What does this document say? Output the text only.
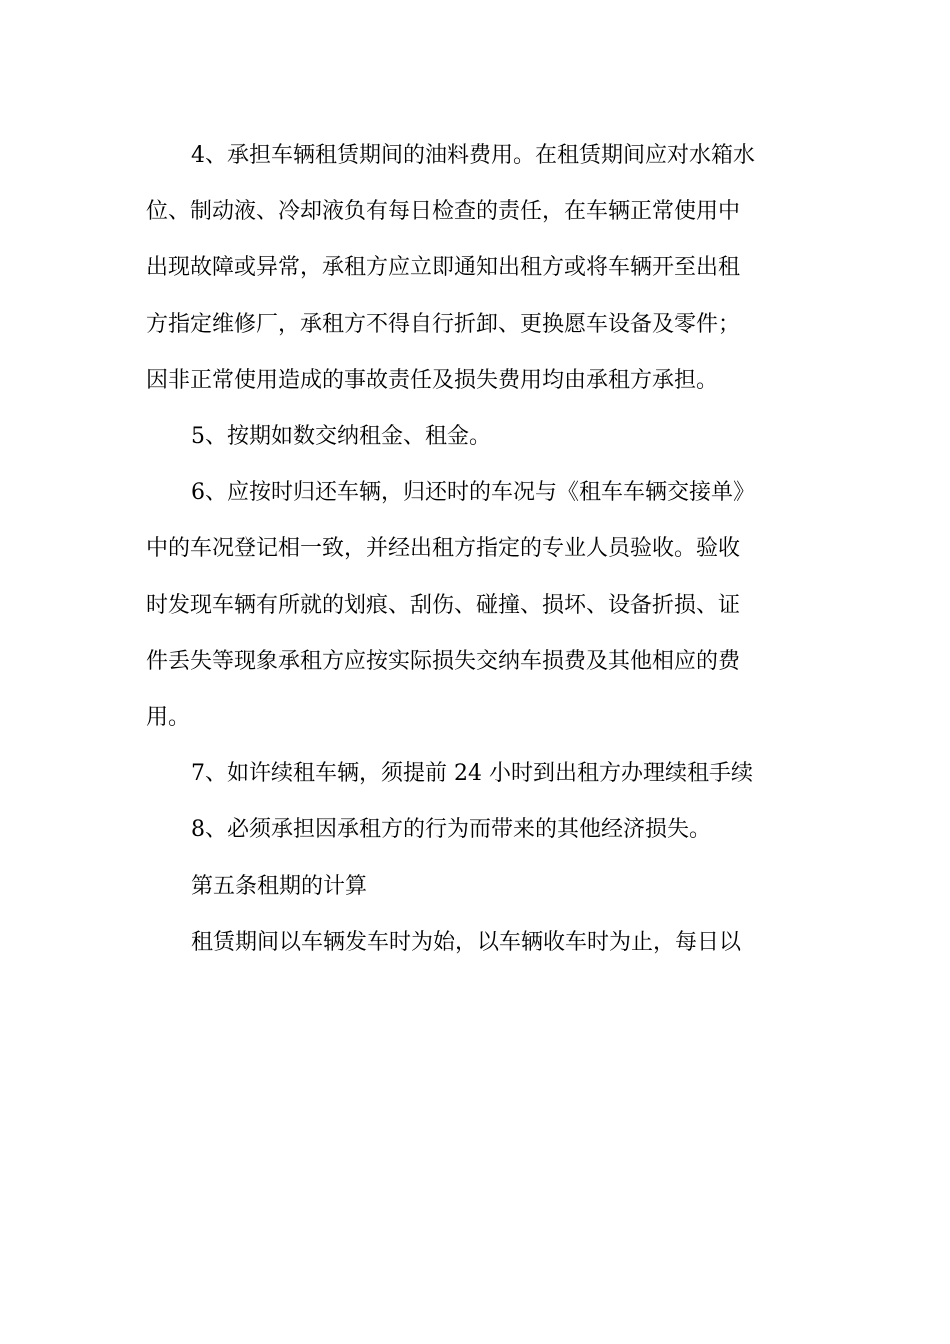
4、承担车辆租赁期间的油料费用。在租赁期间应对水箱水
位、制动液、冷却液负有每日检查的责任，在车辆正常使用中
出现故障或异常，承租方应立即通知出租方或将车辆开至出租
方指定维修厂，承租方不得自行折卸、更换愿车设备及零件；
因非正常使用造成的事故责任及损失费用均由承租方承担。

5、按期如数交纳租金、租金。

6、应按时归还车辆，归还时的车况与《租车车辆交接单》
中的车况登记相一致，并经出租方指定的专业人员验收。验收
时发现车辆有所就的划痕、刮伤、碰撞、损坏、设备折损、证
件丢失等现象承租方应按实际损失交纳车损费及其他相应的费
用。

7、如许续租车辆，须提前 24 小时到出租方办理续租手续

8、必须承担因承租方的行为而带来的其他经济损失。

第五条租期的计算

租赁期间以车辆发车时为始，以车辆收车时为止，每日以
